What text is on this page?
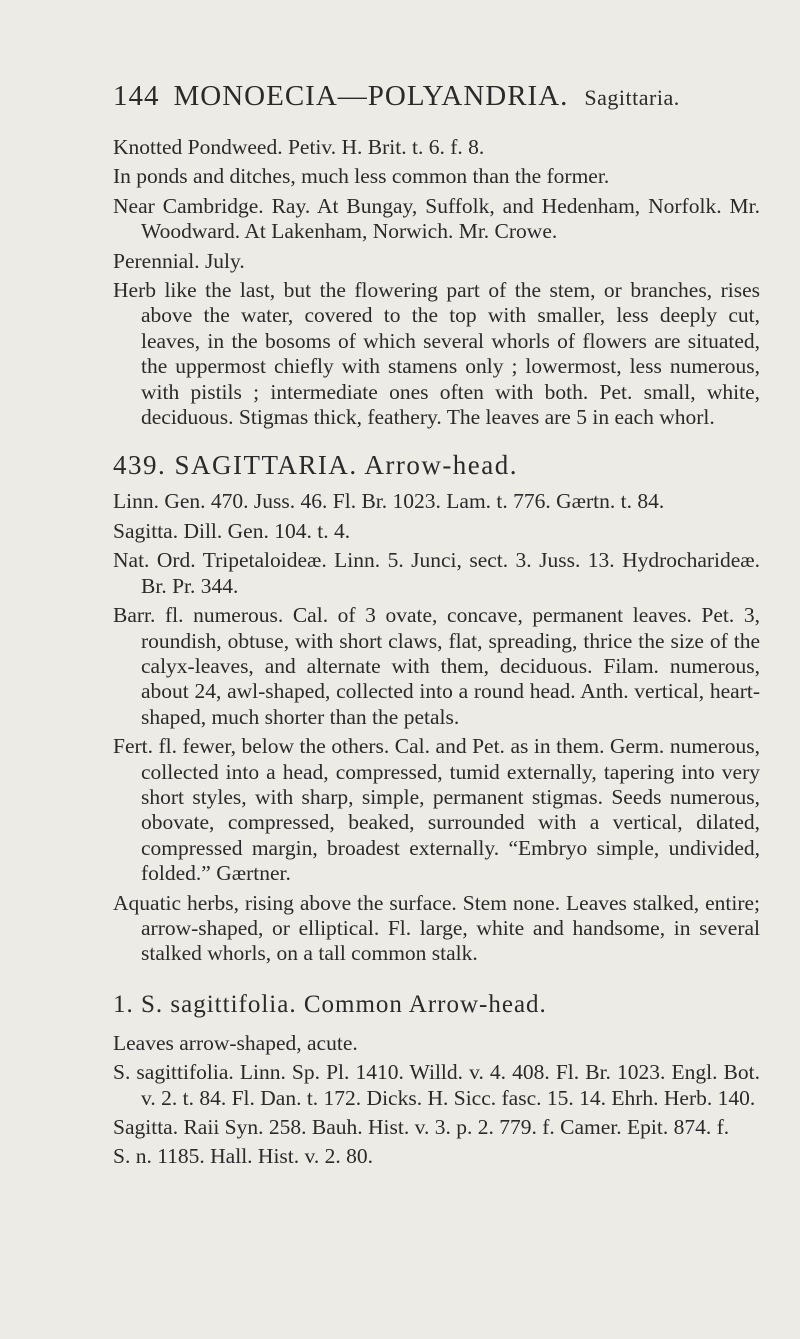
144 MONOECIA—POLYANDRIA. Sagittaria.

Knotted Pondweed. Petiv. H. Brit. t. 6. f. 8.

In ponds and ditches, much less common than the former.

Near Cambridge. Ray. At Bungay, Suffolk, and Hedenham, Norfolk. Mr. Woodward. At Lakenham, Norwich. Mr. Crowe.

Perennial. July.

Herb like the last, but the flowering part of the stem, or branches, rises above the water, covered to the top with smaller, less deeply cut, leaves, in the bosoms of which several whorls of flowers are situated, the uppermost chiefly with stamens only ; lowermost, less numerous, with pistils ; intermediate ones often with both. Pet. small, white, deciduous. Stigmas thick, feathery. The leaves are 5 in each whorl.

439. SAGITTARIA. Arrow-head.

Linn. Gen. 470. Juss. 46. Fl. Br. 1023. Lam. t. 776. Gærtn. t. 84.

Sagitta. Dill. Gen. 104. t. 4.

Nat. Ord. Tripetaloideæ. Linn. 5. Junci, sect. 3. Juss. 13. Hydrocharideæ. Br. Pr. 344.

Barr. fl. numerous. Cal. of 3 ovate, concave, permanent leaves. Pet. 3, roundish, obtuse, with short claws, flat, spreading, thrice the size of the calyx-leaves, and alternate with them, deciduous. Filam. numerous, about 24, awl-shaped, collected into a round head. Anth. vertical, heart-shaped, much shorter than the petals.

Fert. fl. fewer, below the others. Cal. and Pet. as in them. Germ. numerous, collected into a head, compressed, tumid externally, tapering into very short styles, with sharp, simple, permanent stigmas. Seeds numerous, obovate, compressed, beaked, surrounded with a vertical, dilated, compressed margin, broadest externally. “Embryo simple, undivided, folded.” Gærtner.

Aquatic herbs, rising above the surface. Stem none. Leaves stalked, entire; arrow-shaped, or elliptical. Fl. large, white and handsome, in several stalked whorls, on a tall common stalk.

1. S. sagittifolia. Common Arrow-head.

Leaves arrow-shaped, acute.

S. sagittifolia. Linn. Sp. Pl. 1410. Willd. v. 4. 408. Fl. Br. 1023. Engl. Bot. v. 2. t. 84. Fl. Dan. t. 172. Dicks. H. Sicc. fasc. 15. 14. Ehrh. Herb. 140.

Sagitta. Raii Syn. 258. Bauh. Hist. v. 3. p. 2. 779. f. Camer. Epit. 874. f.

S. n. 1185. Hall. Hist. v. 2. 80.
